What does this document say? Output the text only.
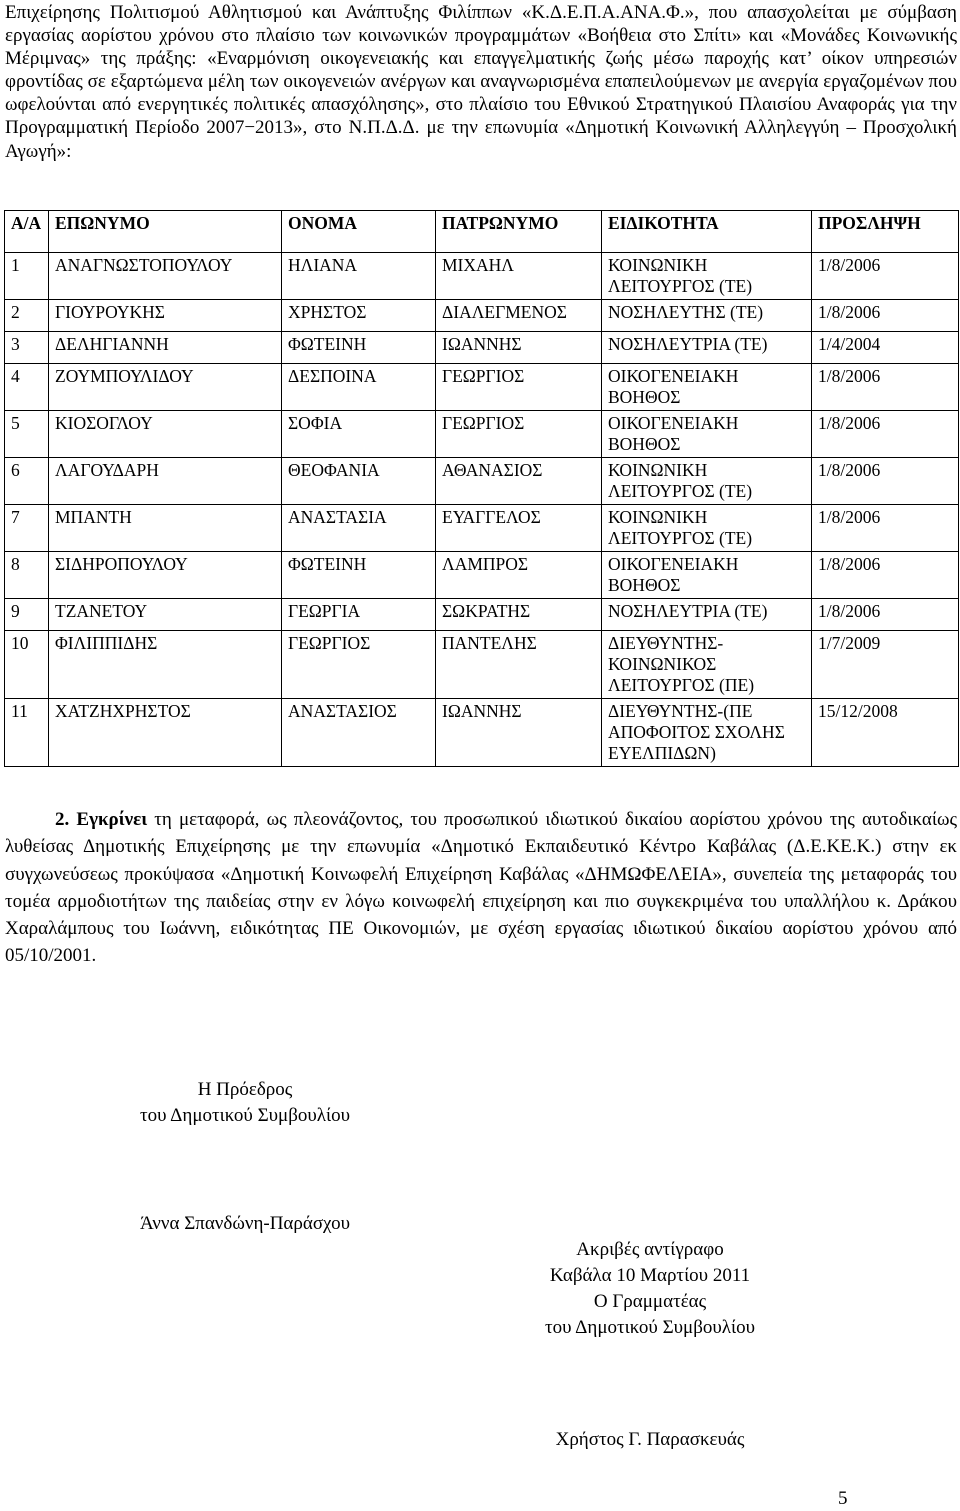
Επιχείρησης Πολιτισμού Αθλητισμού και Ανάπτυξης Φιλίππων «Κ.Δ.Ε.Π.Α.ΑΝΑ.Φ.», που απασχολείται με σύμβαση εργασίας αορίστου χρόνου στο πλαίσιο των κοινωνικών προγραμμάτων «Βοήθεια στο Σπίτι» και «Μονάδες Κοινωνικής Μέριμνας» της πράξης: «Εναρμόνιση οικογενειακής και επαγγελματικής ζωής μέσω παροχής κατ’ οίκον υπηρεσιών φροντίδας σε εξαρτώμενα μέλη των οικογενειών ανέργων και αναγνωρισμένα επαπειλούμενων με ανεργία εργαζομένων που ωφελούνται από ενεργητικές πολιτικές απασχόλησης», στο πλαίσιο του Εθνικού Στρατηγικού Πλαισίου Αναφοράς για την Προγραμματική Περίοδο 2007−2013», στο Ν.Π.Δ.Δ. με την επωνυμία «Δημοτική Κοινωνική Αλληλεγγύη – Προσχολική Αγωγή»:

Α/Α	ΕΠΩΝΥΜΟ	ΟΝΟΜΑ	ΠΑΤΡΩΝΥΜΟ	ΕΙΔΙΚΟΤΗΤΑ	ΠΡΟΣΛΗΨΗ
1	ΑΝΑΓΝΩΣΤΟΠΟΥΛΟΥ	ΗΛΙΑΝΑ	ΜΙΧΑΗΛ	ΚΟΙΝΩΝΙΚΗ ΛΕΙΤΟΥΡΓΟΣ (ΤΕ)	1/8/2006
2	ΓΙΟΥΡΟΥΚΗΣ	ΧΡΗΣΤΟΣ	ΔΙΑΛΕΓΜΕΝΟΣ	ΝΟΣΗΛΕΥΤΗΣ (ΤΕ)	1/8/2006
3	ΔΕΛΗΓΙΑΝΝΗ	ΦΩΤΕΙΝΗ	ΙΩΑΝΝΗΣ	ΝΟΣΗΛΕΥΤΡΙΑ (ΤΕ)	1/4/2004
4	ΖΟΥΜΠΟΥΛΙΔΟΥ	ΔΕΣΠΟΙΝΑ	ΓΕΩΡΓΙΟΣ	ΟΙΚΟΓΕΝΕΙΑΚΗ ΒΟΗΘΟΣ	1/8/2006
5	ΚΙΟΣΟΓΛΟΥ	ΣΟΦΙΑ	ΓΕΩΡΓΙΟΣ	ΟΙΚΟΓΕΝΕΙΑΚΗ ΒΟΗΘΟΣ	1/8/2006
6	ΛΑΓΟΥΔΑΡΗ	ΘΕΟΦΑΝΙΑ	ΑΘΑΝΑΣΙΟΣ	ΚΟΙΝΩΝΙΚΗ ΛΕΙΤΟΥΡΓΟΣ (ΤΕ)	1/8/2006
7	ΜΠΑΝΤΗ	ΑΝΑΣΤΑΣΙΑ	ΕΥΑΓΓΕΛΟΣ	ΚΟΙΝΩΝΙΚΗ ΛΕΙΤΟΥΡΓΟΣ (ΤΕ)	1/8/2006
8	ΣΙΔΗΡΟΠΟΥΛΟΥ	ΦΩΤΕΙΝΗ	ΛΑΜΠΡΟΣ	ΟΙΚΟΓΕΝΕΙΑΚΗ ΒΟΗΘΟΣ	1/8/2006
9	ΤΖΑΝΕΤΟΥ	ΓΕΩΡΓΙΑ	ΣΩΚΡΑΤΗΣ	ΝΟΣΗΛΕΥΤΡΙΑ (ΤΕ)	1/8/2006
10	ΦΙΛΙΠΠΙΔΗΣ	ΓΕΩΡΓΙΟΣ	ΠΑΝΤΕΛΗΣ	ΔΙΕΥΘΥΝΤΗΣ- ΚΟΙΝΩΝΙΚΟΣ ΛΕΙΤΟΥΡΓΟΣ (ΠΕ)	1/7/2009
11	ΧΑΤΖΗΧΡΗΣΤΟΣ	ΑΝΑΣΤΑΣΙΟΣ	ΙΩΑΝΝΗΣ	ΔΙΕΥΘΥΝΤΗΣ-(ΠΕ ΑΠΟΦΟΙΤΟΣ ΣΧΟΛΗΣ ΕΥΕΛΠΙΔΩΝ)	15/12/2008

2. Εγκρίνει τη μεταφορά, ως πλεονάζοντος, του προσωπικού ιδιωτικού δικαίου αορίστου χρόνου της αυτοδικαίως λυθείσας Δημοτικής Επιχείρησης με την επωνυμία «Δημοτικό Εκπαιδευτικό Κέντρο Καβάλας (Δ.Ε.ΚΕ.Κ.) στην εκ συγχωνεύσεως προκύψασα «Δημοτική Κοινωφελή Επιχείρηση Καβάλας «ΔΗΜΩΦΕΛΕΙΑ», συνεπεία της μεταφοράς του τομέα αρμοδιοτήτων της παιδείας στην εν λόγω κοινωφελή επιχείρηση και πιο συγκεκριμένα του υπαλλήλου κ. Δράκου Χαραλάμπους του Ιωάννη, ειδικότητας ΠΕ Οικονομιών, με σχέση εργασίας ιδιωτικού δικαίου αορίστου χρόνου από 05/10/2001.

Η Πρόεδρος
του Δημοτικού Συμβουλίου
Άννα Σπανδώνη-Παράσχου
Ακριβές αντίγραφο
Καβάλα 10 Μαρτίου 2011
Ο Γραμματέας
του Δημοτικού Συμβουλίου
Χρήστος Γ. Παρασκευάς
5
